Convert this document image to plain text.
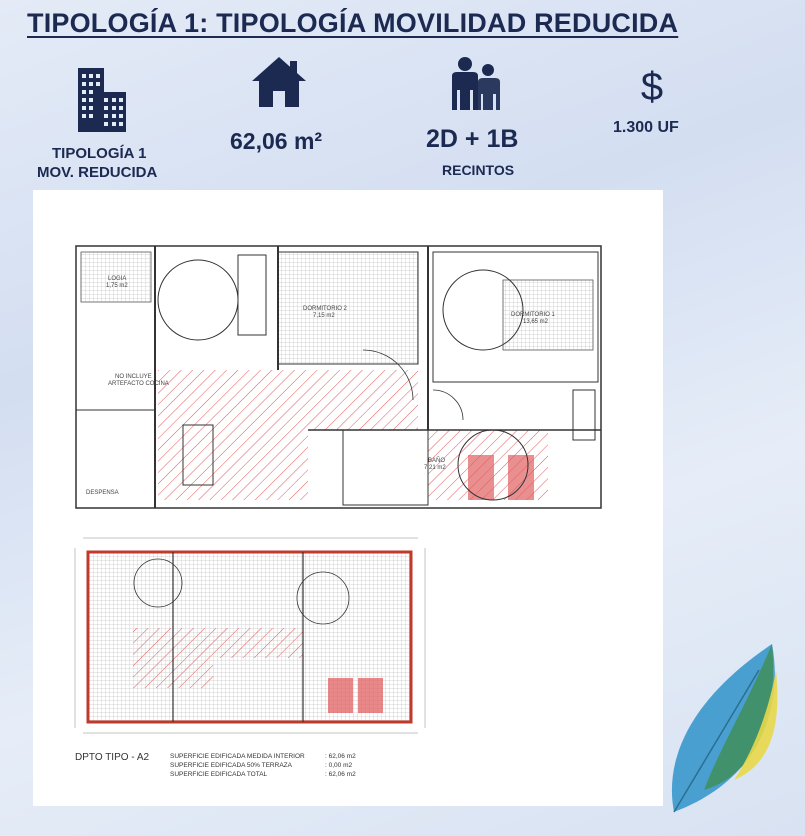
TIPOLOGÍA 1: TIPOLOGÍA MOVILIDAD REDUCIDA
TIPOLOGÍA 1
MOV. REDUCIDA
62,06 m²	2D + 1B
RECINTOS
$
1.300 UF
LOGIA
1,75 m2
DORMITORIO 2
7,15 m2	DORMITORIO 1
13,65 m2
BAÑO
7,21 m2
DESPENSA
NO INCLUYE
ARTEFACTO COCINA
DPTO TIPO - A2	SUPERFICIE EDIFICADA MEDIDA INTERIOR	: 62,06 m2
SUPERFICIE EDIFICADA 50% TERRAZA	: 0,00 m2
SUPERFICIE EDIFICADA TOTAL	: 62,06 m2
